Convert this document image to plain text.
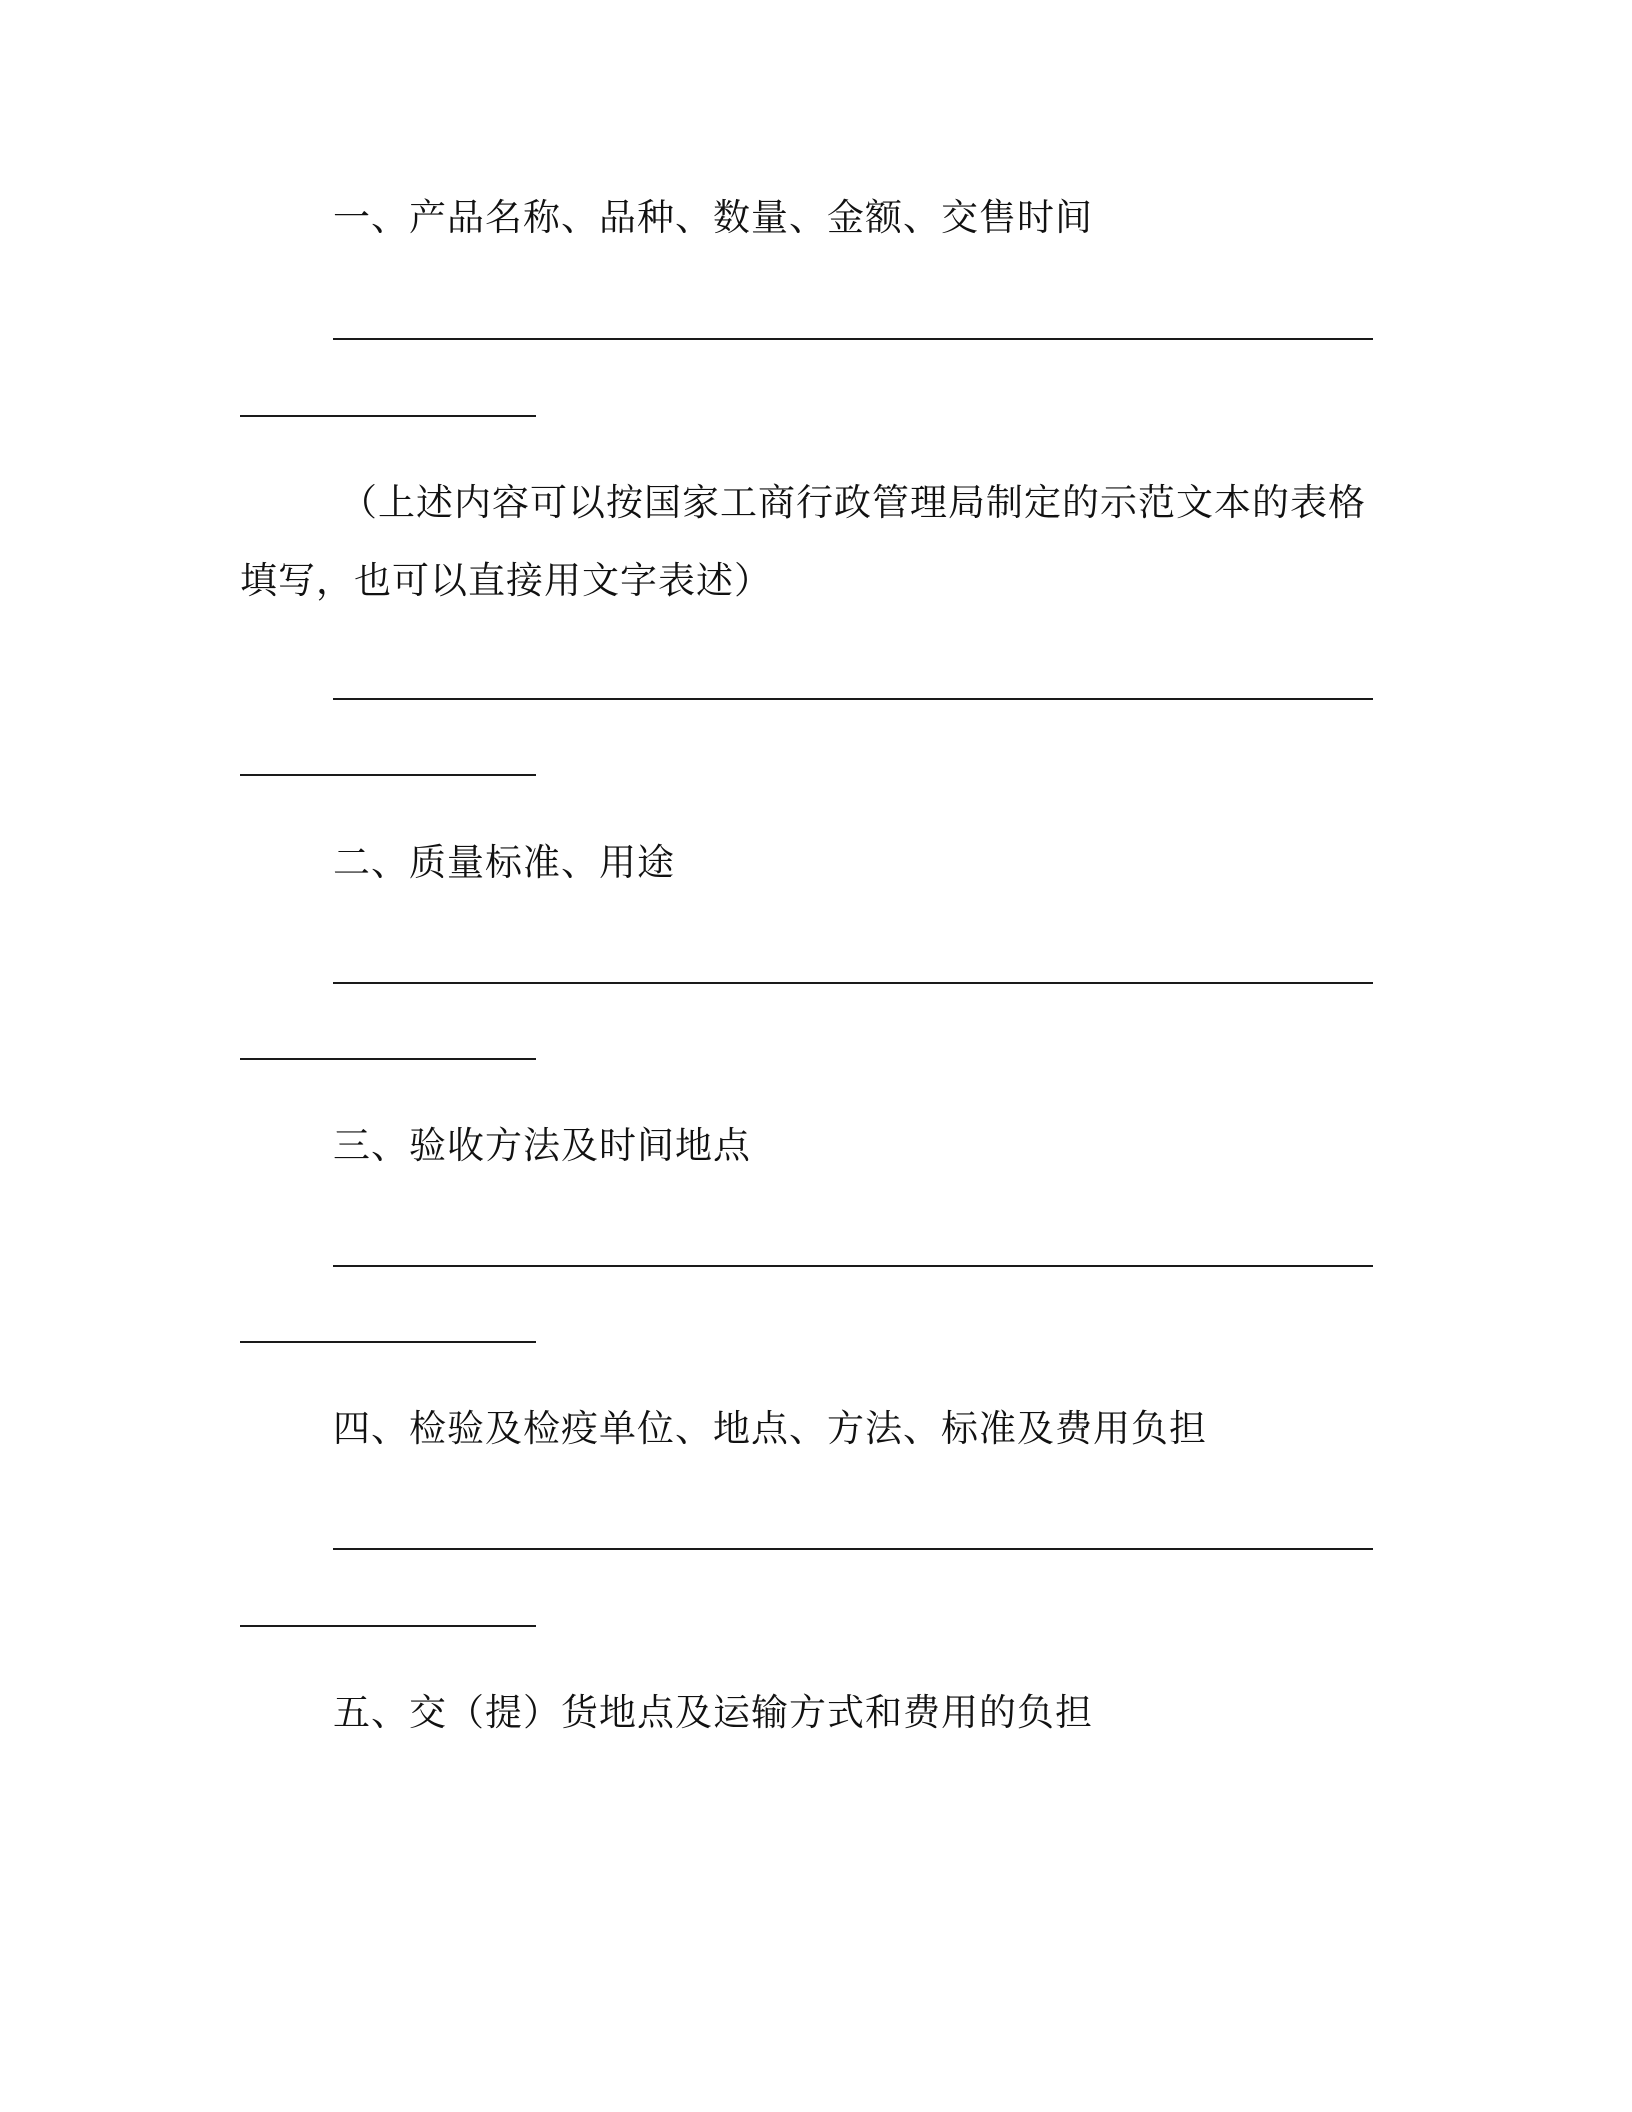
一、产品名称、品种、数量、金额、交售时间
（上述内容可以按国家工商行政管理局制定的示范文本的表格填写，也可以直接用文字表述）
二、质量标准、用途
三、验收方法及时间地点
四、检验及检疫单位、地点、方法、标准及费用负担
五、交（提）货地点及运输方式和费用的负担
